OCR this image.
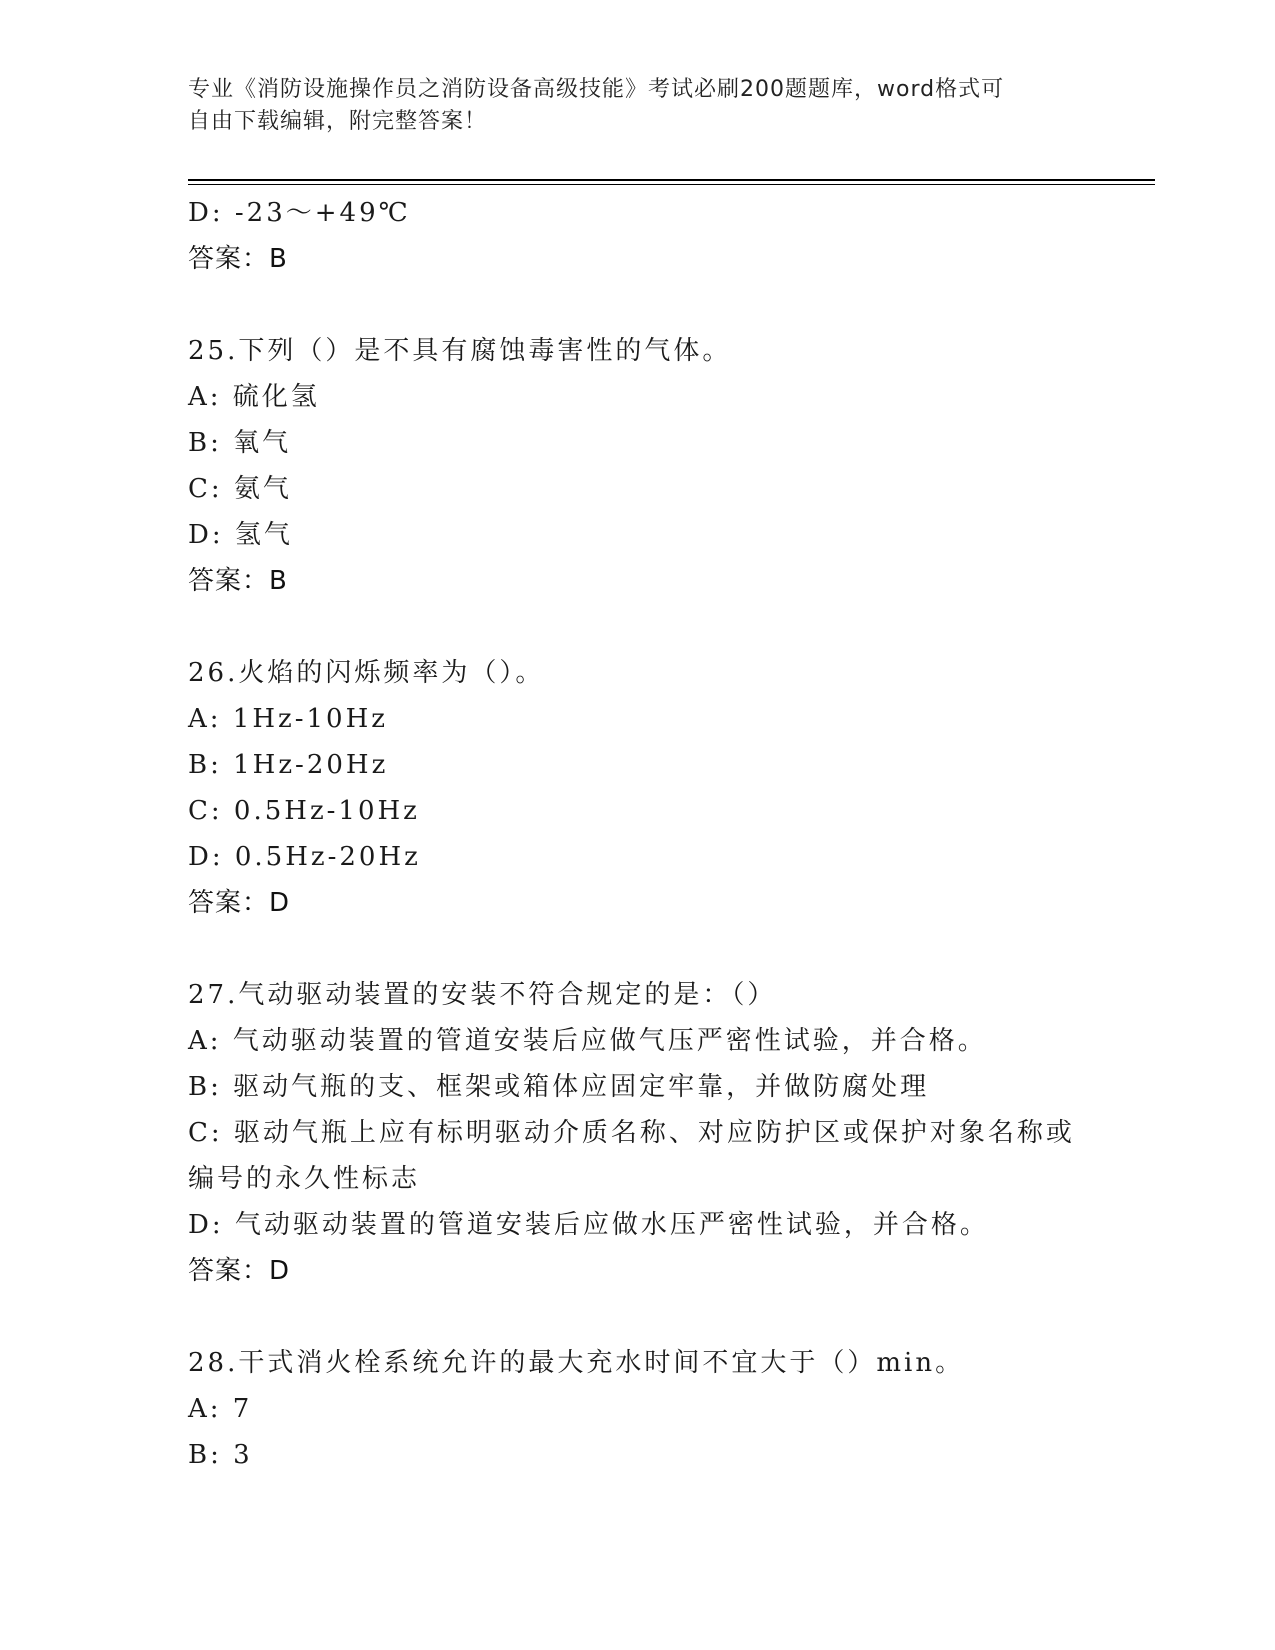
专业《消防设施操作员之消防设备高级技能》考试必刷200题题库，word格式可
自由下载编辑，附完整答案！
D: -23～+49℃
答案：B
25.下列（）是不具有腐蚀毒害性的气体。
A: 硫化氢
B: 氧气
C: 氨气
D: 氢气
答案：B
26.火焰的闪烁频率为（）。
A: 1Hz-10Hz
B: 1Hz-20Hz
C: 0.5Hz-10Hz
D: 0.5Hz-20Hz
答案：D
27.气动驱动装置的安装不符合规定的是：（）
A: 气动驱动装置的管道安装后应做气压严密性试验，并合格。
B: 驱动气瓶的支、框架或箱体应固定牢靠，并做防腐处理
C: 驱动气瓶上应有标明驱动介质名称、对应防护区或保护对象名称或
编号的永久性标志
D: 气动驱动装置的管道安装后应做水压严密性试验，并合格。
答案：D
28.干式消火栓系统允许的最大充水时间不宜大于（）min。
A: 7
B: 3
